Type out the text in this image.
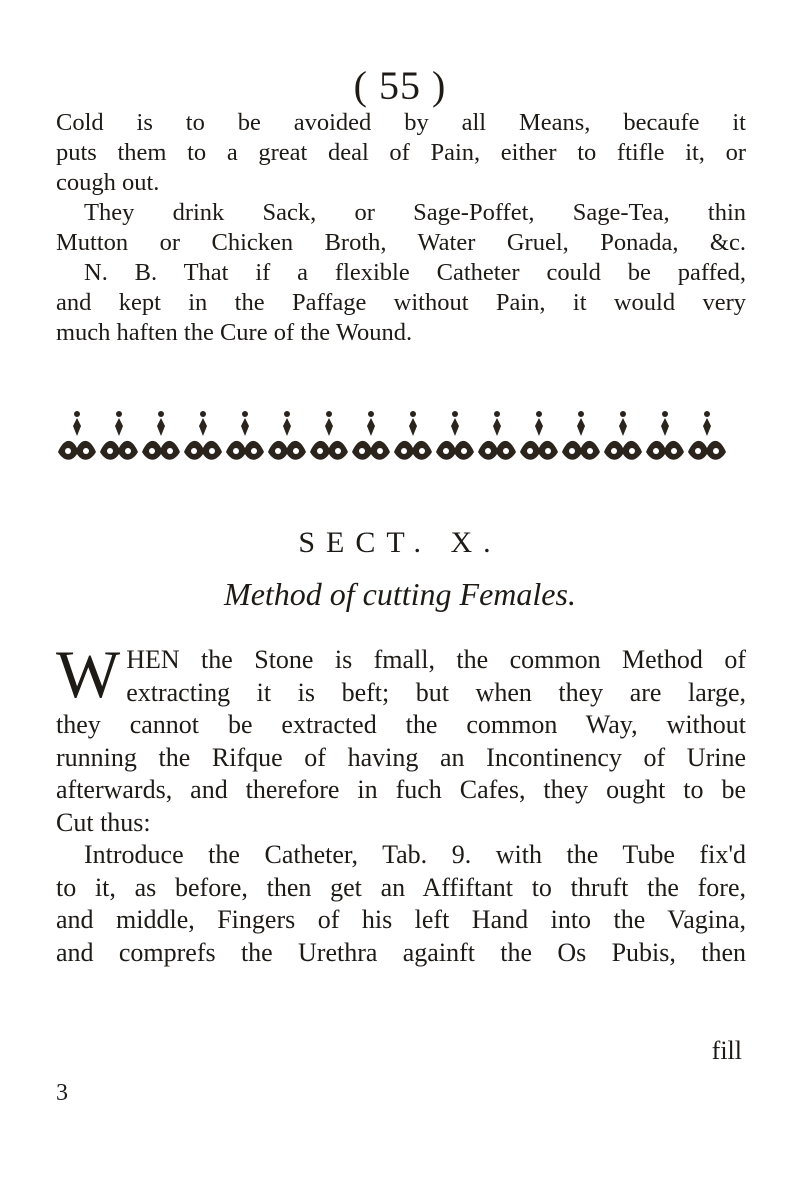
( 55 )
Cold is to be avoided by all Means, becaufe it
puts them to a great deal of Pain, either to ftifle it, or
cough out.
They drink Sack, or Sage-Poffet, Sage-Tea, thin
Mutton or Chicken Broth, Water Gruel, Ponada, &c.
N. B. That if a flexible Catheter could be paffed,
and kept in the Paffage without Pain, it would very
much haften the Cure of the Wound.
SECT. X.
Method of cutting Females.
W HEN the Stone is fmall, the common Method of
extracting it is beft; but when they are large,
they cannot be extracted the common Way, without
running the Rifque of having an Incontinency of Urine
afterwards, and therefore in fuch Cafes, they ought to be
Cut thus:
Introduce the Catheter, Tab. 9. with the Tube fix'd
to it, as before, then get an Affiftant to thruft the fore,
and middle, Fingers of his left Hand into the Vagina,
and comprefs the Urethra againft the Os Pubis, then
fill
3
